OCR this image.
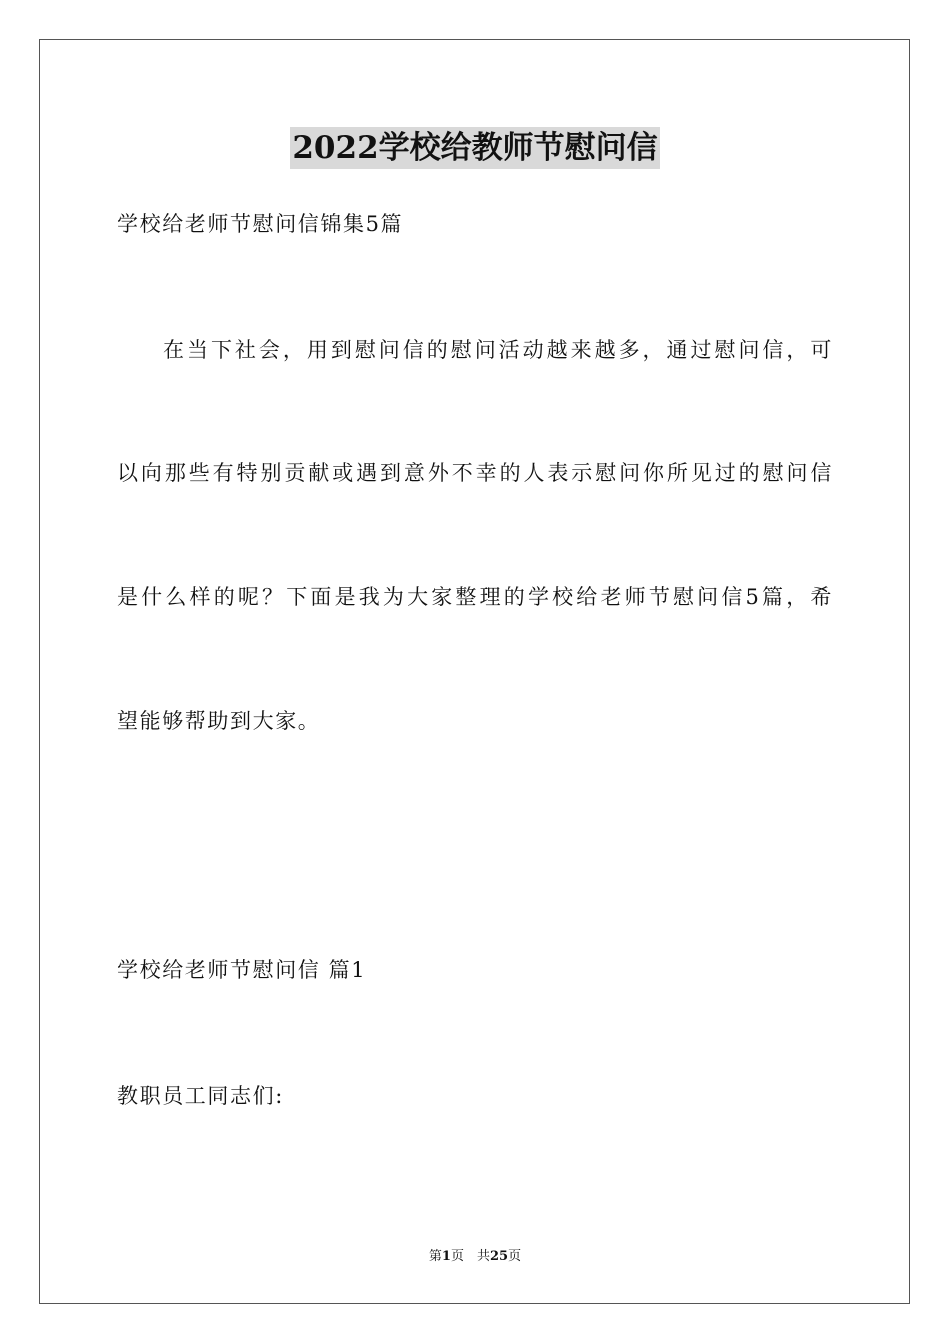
2022学校给教师节慰问信
学校给老师节慰问信锦集5篇
在当下社会，用到慰问信的慰问活动越来越多，通过慰问信，可
以向那些有特别贡献或遇到意外不幸的人表示慰问你所见过的慰问信
是什么样的呢？下面是我为大家整理的学校给老师节慰问信5篇，希
望能够帮助到大家。
学校给老师节慰问信 篇1
教职员工同志们:
第1页　共25页
